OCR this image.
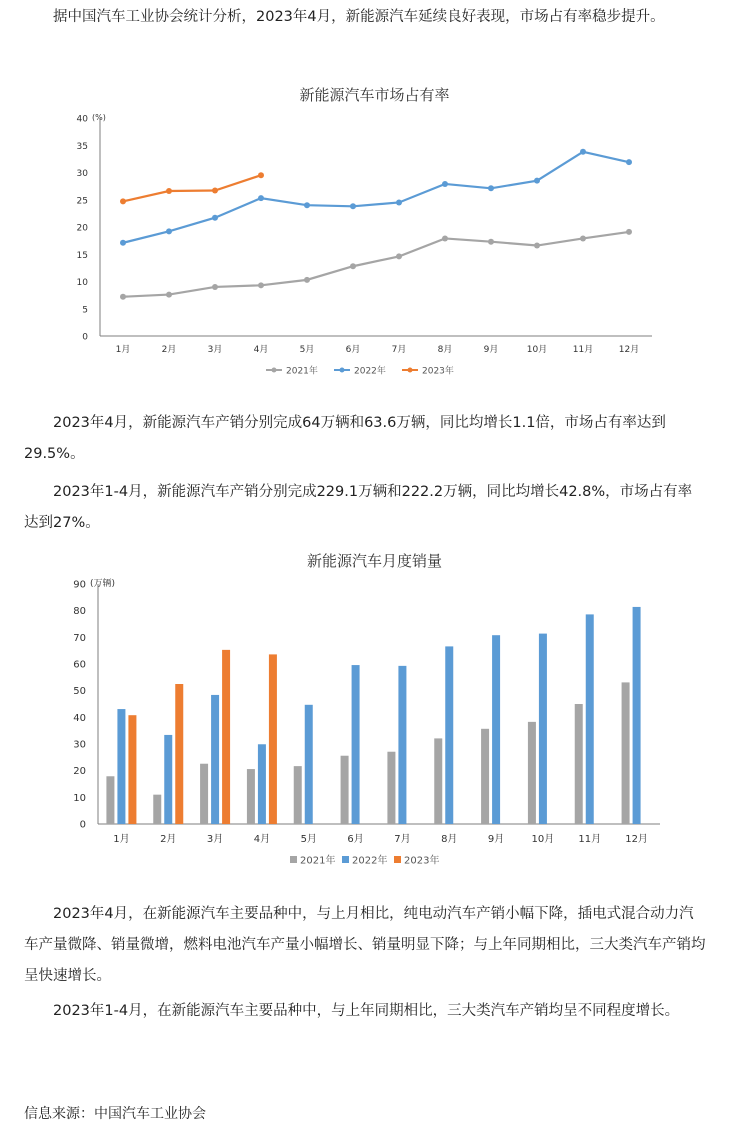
　　据中国汽车工业协会统计分析，2023年4月，新能源汽车延续良好表现，市场占有率稳步提升。

新能源汽车市场占有率
0
5
10
15
20
25
30
35
40 (%)
1月	2月	3月	4月	5月	6月	7月	8月	9月	10月	11月	12月
2021年	2022年	2023年

　　2023年4月，新能源汽车产销分别完成64万辆和63.6万辆，同比均增长1.1倍，市场占有率达到29.5%。

　　2023年1-4月，新能源汽车产销分别完成229.1万辆和222.2万辆，同比均增长42.8%，市场占有率达到27%。

新能源汽车月度销量
0
10
20
30
40
50
60
70
80
90 (万辆)
1月	2月	3月	4月	5月	6月	7月	8月	9月	10月 11月 12月
2021年 2022年 2023年

　　2023年4月，在新能源汽车主要品种中，与上月相比，纯电动汽车产销小幅下降，插电式混合动力汽车产量微降、销量微增，燃料电池汽车产量小幅增长、销量明显下降；与上年同期相比，三大类汽车产销均呈快速增长。

　　2023年1-4月，在新能源汽车主要品种中，与上年同期相比，三大类汽车产销均呈不同程度增长。

信息来源：中国汽车工业协会
